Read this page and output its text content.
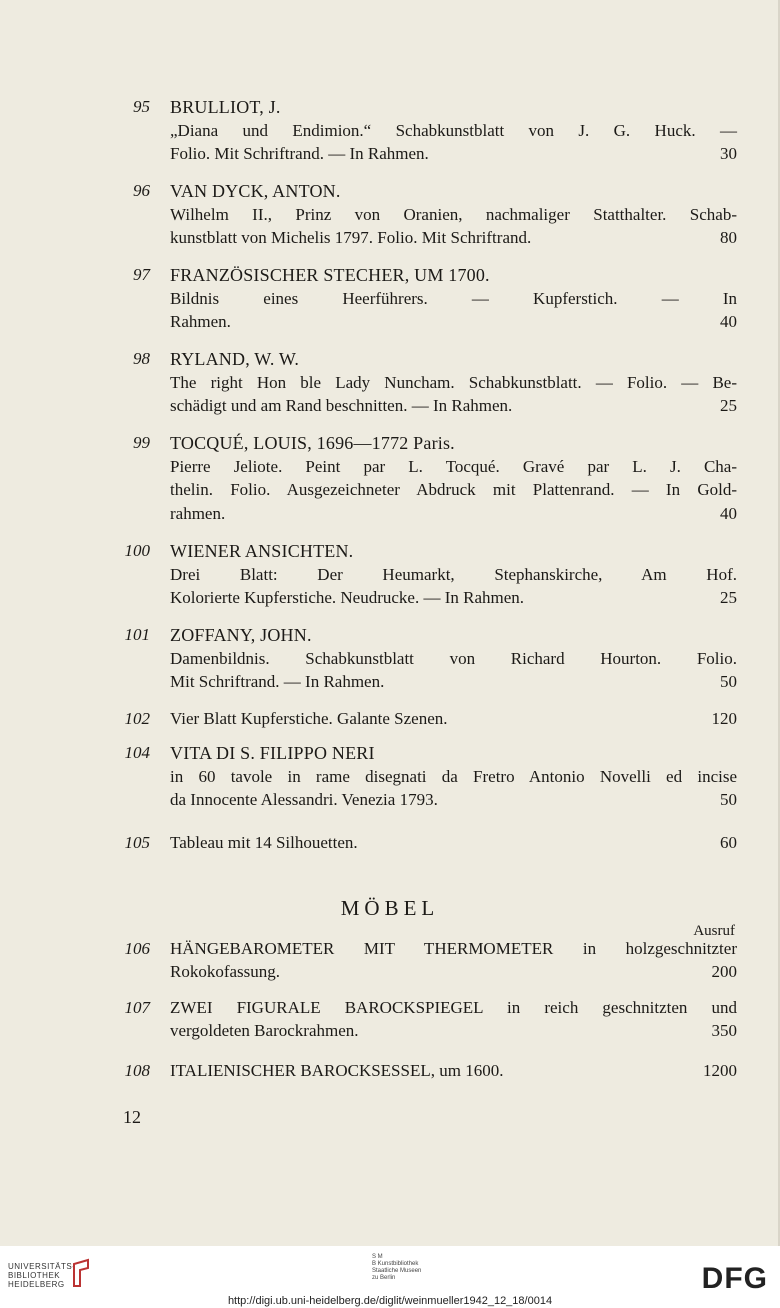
95 BRULLIOT, J.
„Diana und Endimion.“ Schabkunstblatt von J. G. Huck. —
Folio. Mit Schriftrand. — In Rahmen.	30
96 VAN DYCK, ANTON.
Wilhelm II., Prinz von Oranien, nachmaliger Statthalter. Schab-
kunstblatt von Michelis 1797. Folio. Mit Schriftrand.	80
97 FRANZÖSISCHER STECHER, UM 1700.
Bildnis eines Heerführers. — Kupferstich. — In
Rahmen.	40
98 RYLAND, W. W.
The right Hon ble Lady Nuncham. Schabkunstblatt. — Folio. — Be-
schädigt und am Rand beschnitten. — In Rahmen.	25
99 TOCQUÉ, LOUIS, 1696—1772 Paris.
Pierre Jeliote. Peint par L. Tocqué. Gravé par L. J. Cha-
thelin. Folio. Ausgezeichneter Abdruck mit Plattenrand. — In Gold-
rahmen.	40
100 WIENER ANSICHTEN.
Drei Blatt: Der Heumarkt, Stephanskirche, Am Hof.
Kolorierte Kupferstiche. Neudrucke. — In Rahmen.	25
101 ZOFFANY, JOHN.
Damenbildnis. Schabkunstblatt von Richard Hourton. Folio.
Mit Schriftrand. — In Rahmen.	50
102 Vier Blatt Kupferstiche. Galante Szenen.	120
104 VITA DI S. FILIPPO NERI
in 60 tavole in rame disegnati da Fretro Antonio Novelli ed incise
da Innocente Alessandri. Venezia 1793.	50
105 Tableau mit 14 Silhouetten.	60
MÖBEL
Ausruf
106 HÄNGEBAROMETER MIT THERMOMETER in holzgeschnitzter
Rokokofassung.	200
107 ZWEI FIGURALE BAROCKSPIEGEL in reich geschnitzten und
vergoldeten Barockrahmen.	350
108 ITALIENISCHER BAROCKSESSEL, um 1600.	1200
12
UNIVERSITÄTS-
BIBLIOTHEK
HEIDELBERG
S M
B Kunstbibliothek
Staatliche Museen
zu Berlin	DFG
http://digi.ub.uni-heidelberg.de/diglit/weinmueller1942_12_18/0014
